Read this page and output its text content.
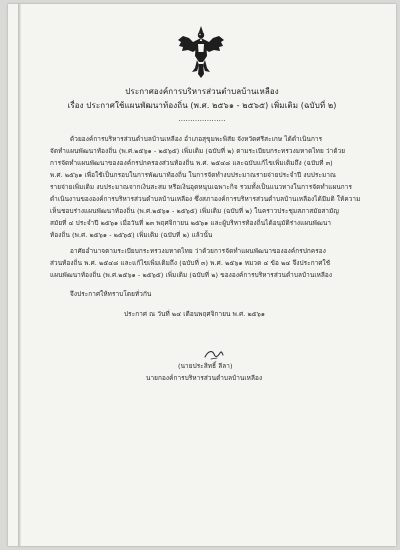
ประกาศองค์การบริหารส่วนตำบลบ้านเหลือง
เรื่อง ประกาศใช้แผนพัฒนาท้องถิ่น (พ.ศ. ๒๕๖๑ - ๒๕๖๕) เพิ่มเติม (ฉบับที่ ๒)
………………..
ด้วยองค์การบริหารส่วนตำบลบ้านเหลือง อำเภอสุขุมพะพิสัย จังหวัดศรีสะเกษ ได้ดำเนินการ
จัดทำแผนพัฒนาท้องถิ่น (พ.ศ.๒๕๖๑ - ๒๕๖๕) เพิ่มเติม (ฉบับที่ ๒) ตามระเบียบกระทรวงมหาดไทย ว่าด้วย
การจัดทำแผนพัฒนาขององค์กรปกครองส่วนท้องถิ่น พ.ศ. ๒๕๔๘ และฉบับแก้ไขเพิ่มเติมถึง (ฉบับที่ ๓)
พ.ศ. ๒๕๖๑ เพื่อใช้เป็นกรอบในการพัฒนาท้องถิ่น ในการจัดทำงบประมาณรายจ่ายประจำปี งบประมาณ
รายจ่ายเพิ่มเติม งบประมาณจากเงินสะสม หรือเงินอุดหนุนเฉพาะกิจ รวมทั้งเป็นแนวทางในการจัดทำแผนการ
ดำเนินงานขององค์การบริหารส่วนตำบลบ้านเหลือง ซึ่งสภาองค์การบริหารส่วนตำบลบ้านเหลืองได้มีมติ ให้ความ
เห็นชอบร่างแผนพัฒนาท้องถิ่น (พ.ศ.๒๕๖๑ - ๒๕๖๕) เพิ่มเติม (ฉบับที่ ๒) ในคราวประชุมสภาสมัยสามัญ
สมัยที่ ๔ ประจำปี ๒๕๖๑ เมื่อวันที่ ๒๓ พฤศจิกายน ๒๕๖๑ และผู้บริหารท้องถิ่นได้อนุมัติร่างแผนพัฒนา
ท้องถิ่น (พ.ศ. ๒๕๖๑ - ๒๕๖๕) เพิ่มเติม (ฉบับที่ ๒) แล้วนั้น
อาศัยอำนาจตามระเบียบกระทรวงมหาดไทย ว่าด้วยการจัดทำแผนพัฒนาขององค์กรปกครอง
ส่วนท้องถิ่น พ.ศ. ๒๕๔๘ และแก้ไขเพิ่มเติมถึง (ฉบับที่ ๓) พ.ศ. ๒๕๖๑ หมวด ๔ ข้อ ๒๔ จึงประกาศใช้
แผนพัฒนาท้องถิ่น (พ.ศ.๒๕๖๑ - ๒๕๖๕) เพิ่มเติม (ฉบับที่ ๒) ขององค์การบริหารส่วนตำบลบ้านเหลือง
จึงประกาศให้ทราบโดยทั่วกัน
ประกาศ ณ วันที่ ๒๔ เดือนพฤศจิกายน พ.ศ. ๒๕๖๑
(นายประสิทธิ์ ลีลา)
นายกองค์การบริหารส่วนตำบลบ้านเหลือง
